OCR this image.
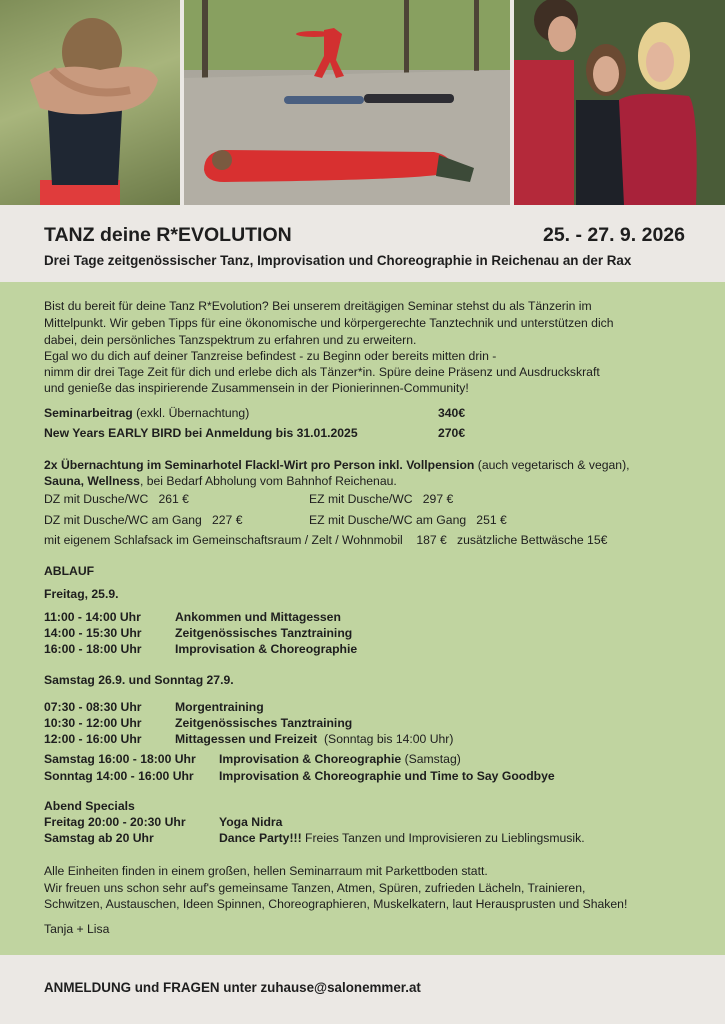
TANZ deine R*EVOLUTION	25. - 27. 9. 2026
Drei Tage zeitgenössischer Tanz, Improvisation und Choreographie in Reichenau an der Rax
Bist du bereit für deine Tanz R*Evolution? Bei unserem dreitägigen Seminar stehst du als Tänzerin im
Mittelpunkt. Wir geben Tipps für eine ökonomische und körpergerechte Tanztechnik und unterstützen dich
dabei, dein persönliches Tanzspektrum zu erfahren und zu erweitern.
Egal wo du dich auf deiner Tanzreise befindest - zu Beginn oder bereits mitten drin -
nimm dir drei Tage Zeit für dich und erlebe dich als Tänzer*in. Spüre deine Präsenz und Ausdruckskraft
und genieße das inspirierende Zusammensein in der Pionierinnen-Community!
Seminarbeitrag (exkl. Übernachtung)	340€
New Years EARLY BIRD bei Anmeldung bis 31.01.2025	270€
2x Übernachtung im Seminarhotel Flackl-Wirt pro Person inkl. Vollpension (auch vegetarisch & vegan),
Sauna, Wellness, bei Bedarf Abholung vom Bahnhof Reichenau.
DZ mit Dusche/WC 261 €	EZ mit Dusche/WC 297 €
DZ mit Dusche/WC am Gang 227 €	EZ mit Dusche/WC am Gang 251 €
mit eigenem Schlafsack im Gemeinschaftsraum / Zelt / Wohnmobil 187 € zusätzliche Bettwäsche 15€
ABLAUF
Freitag, 25.9.
11:00 - 14:00 Uhr	Ankommen und Mittagessen
14:00 - 15:30 Uhr	Zeitgenössisches Tanztraining
16:00 - 18:00 Uhr	Improvisation & Choreographie
Samstag 26.9. und Sonntag 27.9.
07:30 - 08:30 Uhr	Morgentraining
10:30 - 12:00 Uhr	Zeitgenössisches Tanztraining
12:00 - 16:00 Uhr	Mittagessen und Freizeit (Sonntag bis 14:00 Uhr)
Samstag 16:00 - 18:00 Uhr Improvisation & Choreographie (Samstag)
Sonntag 14:00 - 16:00 Uhr Improvisation & Choreographie und Time to Say Goodbye
Abend Specials
Freitag 20:00 - 20:30 Uhr	Yoga Nidra
Samstag ab 20 Uhr	Dance Party!!! Freies Tanzen und Improvisieren zu Lieblingsmusik.
Alle Einheiten finden in einem großen, hellen Seminarraum mit Parkettboden statt.
Wir freuen uns schon sehr auf's gemeinsame Tanzen, Atmen, Spüren, zufrieden Lächeln, Trainieren,
Schwitzen, Austauschen, Ideen Spinnen, Choreographieren, Muskelkatern, laut Herausprusten und Shaken!
Tanja + Lisa
ANMELDUNG und FRAGEN unter zuhause@salonemmer.at
